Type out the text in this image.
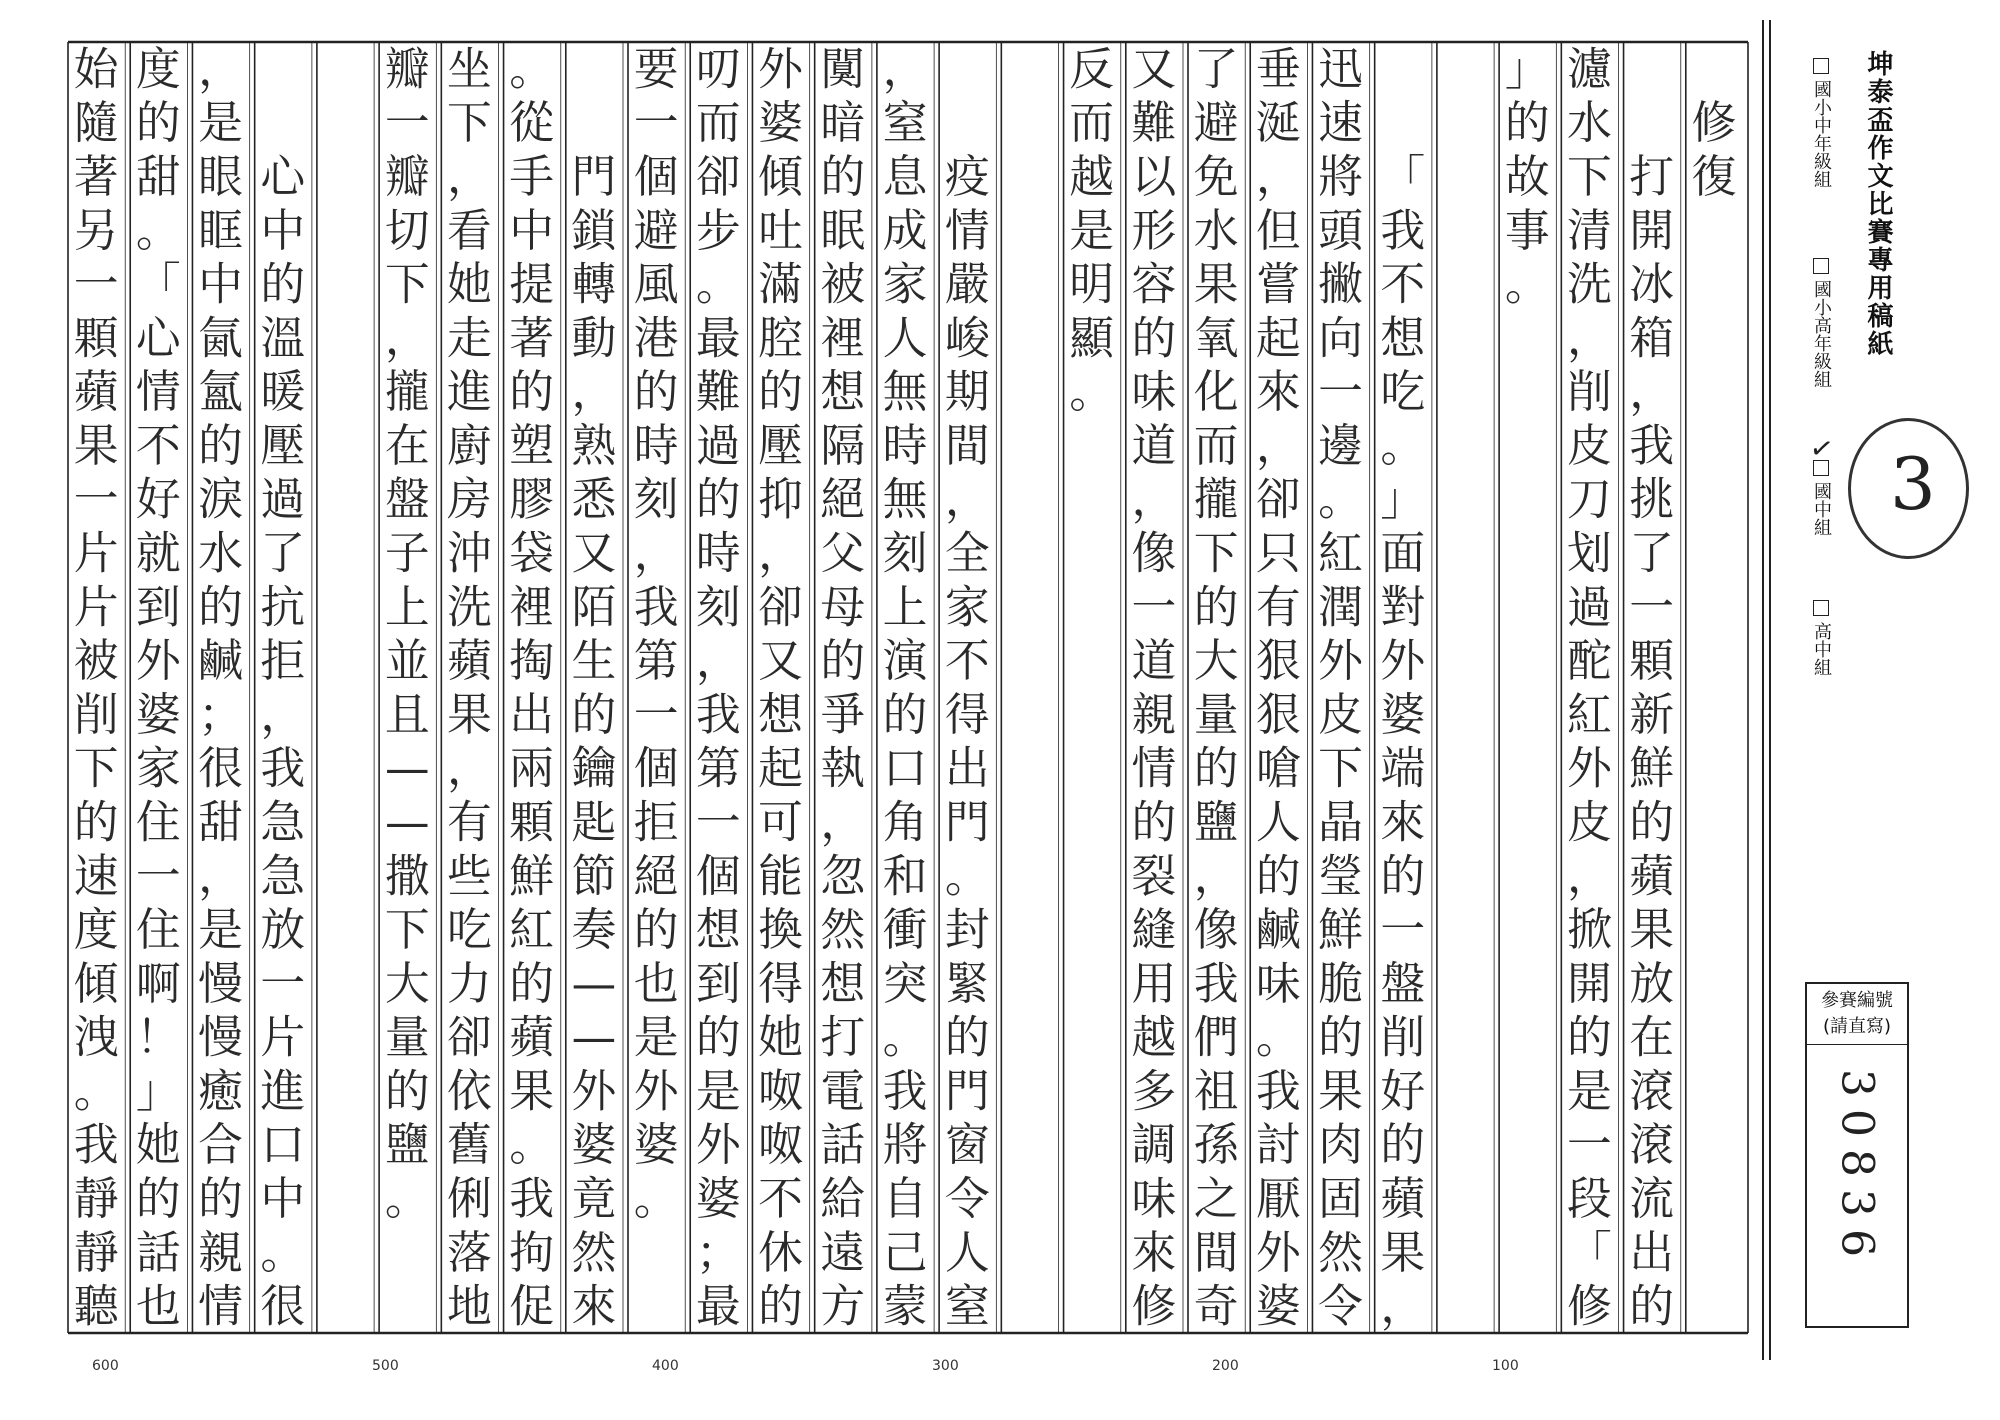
修
復
打
開
冰
箱
，
我
挑
了
一
顆
新
鮮
的
蘋
果
放
在
滾
滾
流
出
的
濾
水
下
清
洗
，
削
皮
刀
划
過
酡
紅
外
皮
，
掀
開
的
是
一
段
「
修
」
的
故
事
。
「
我
不
想
吃
。
」
面
對
外
婆
端
來
的
一
盤
削
好
的
蘋
果
，
迅
速
將
頭
撇
向
一
邊
。
紅
潤
外
皮
下
晶
瑩
鮮
脆
的
果
肉
固
然
令
垂
涎
，
但
嘗
起
來
，
卻
只
有
狠
狠
嗆
人
的
鹹
味
。
我
討
厭
外
婆
了
避
免
水
果
氧
化
而
攏
下
的
大
量
的
鹽
，
像
我
們
祖
孫
之
間
奇
又
難
以
形
容
的
味
道
，
像
一
道
親
情
的
裂
縫
用
越
多
調
味
來
修
反
而
越
是
明
顯
。
疫
情
嚴
峻
期
間
，
全
家
不
得
出
門
。
封
緊
的
門
窗
令
人
窒
，
窒
息
成
家
人
無
時
無
刻
上
演
的
口
角
和
衝
突
。
我
將
自
己
蒙
闃
暗
的
眠
被
裡
想
隔
絕
父
母
的
爭
執
，
忽
然
想
打
電
話
給
遠
方
外
婆
傾
吐
滿
腔
的
壓
抑
，
卻
又
想
起
可
能
換
得
她
呶
呶
不
休
的
叨
而
卻
步
。
最
難
過
的
時
刻
，
我
第
一
個
想
到
的
是
外
婆
；
最
要
一
個
避
風
港
的
時
刻
，
我
第
一
個
拒
絕
的
也
是
外
婆
。
門
鎖
轉
動
，
熟
悉
又
陌
生
的
鑰
匙
節
奏
—
—
外
婆
竟
然
來
。
從
手
中
提
著
的
塑
膠
袋
裡
掏
出
兩
顆
鮮
紅
的
蘋
果
。
我
拘
促
坐
下
，
看
她
走
進
廚
房
沖
洗
蘋
果
，
有
些
吃
力
卻
依
舊
俐
落
地
瓣
一
瓣
切
下
，
攏
在
盤
子
上
並
且
—
—
撒
下
大
量
的
鹽
。
心
中
的
溫
暖
壓
過
了
抗
拒
，
我
急
急
放
一
片
進
口
中
。
很
，
是
眼
眶
中
氤
氳
的
淚
水
的
鹹
；
很
甜
，
是
慢
慢
癒
合
的
親
情
度
的
甜
。
「
心
情
不
好
就
到
外
婆
家
住
一
住
啊
！
」
她
的
話
也
始
隨
著
另
一
顆
蘋
果
一
片
片
被
削
下
的
速
度
傾
洩
。
我
靜
靜
聽
600	500	400	300	200	100
坤泰盃作文比賽專用稿紙
國小中年級組
國小高年級組
國中組
高中組
✓ 3
參賽編號
(請直寫)
30836
